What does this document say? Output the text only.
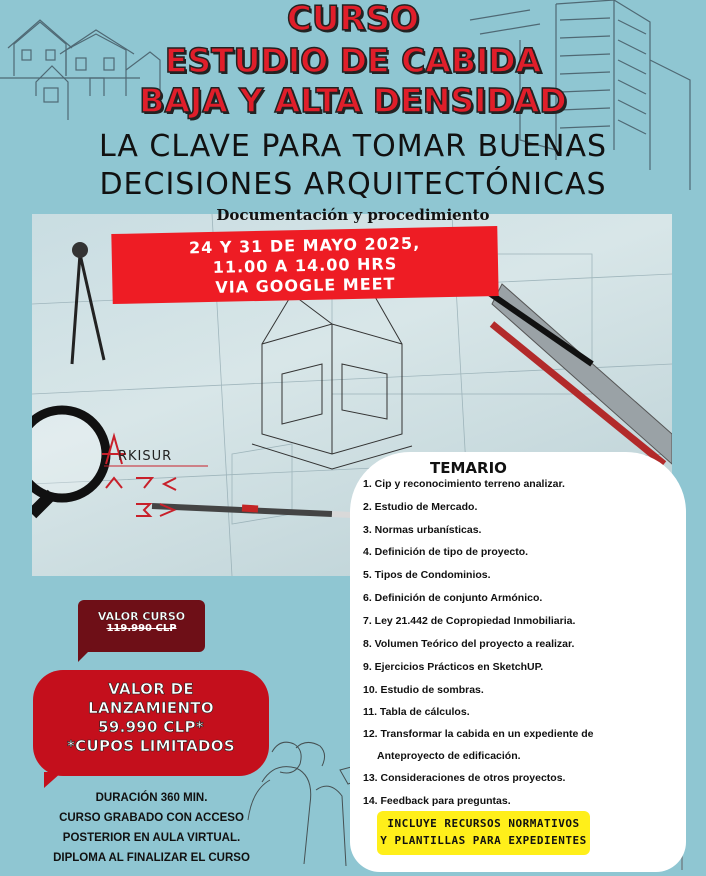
CURSO
ESTUDIO DE CABIDA
BAJA Y ALTA DENSIDAD
LA CLAVE PARA TOMAR BUENAS
DECISIONES ARQUITECTÓNICAS
Documentación y procedimiento
24 Y 31 DE MAYO 2025,
11.00 A 14.00 HRS
VIA GOOGLE MEET
RKISUR
TEMARIO
1. Cip y reconocimiento terreno analizar.
2. Estudio de Mercado.
3. Normas urbanísticas.
4. Definición de tipo de proyecto.
5. Tipos de Condominios.
6. Definición de conjunto Armónico.
7. Ley 21.442 de Copropiedad Inmobiliaria.
8. Volumen Teórico del proyecto a realizar.
9. Ejercicios Prácticos en SketchUP.
10. Estudio de sombras.
11. Tabla de cálculos.
12. Transformar la cabida en un expediente de
Anteproyecto de edificación.
13. Consideraciones de otros proyectos.
14. Feedback para preguntas.
INCLUYE RECURSOS NORMATIVOS
Y PLANTILLAS PARA EXPEDIENTES
VALOR CURSO
119.990 CLP
VALOR DE
LANZAMIENTO
59.990 CLP*
*CUPOS LIMITADOS
DURACIÓN 360 MIN.
CURSO GRABADO CON ACCESO
POSTERIOR EN AULA VIRTUAL.
DIPLOMA AL FINALIZAR EL CURSO
